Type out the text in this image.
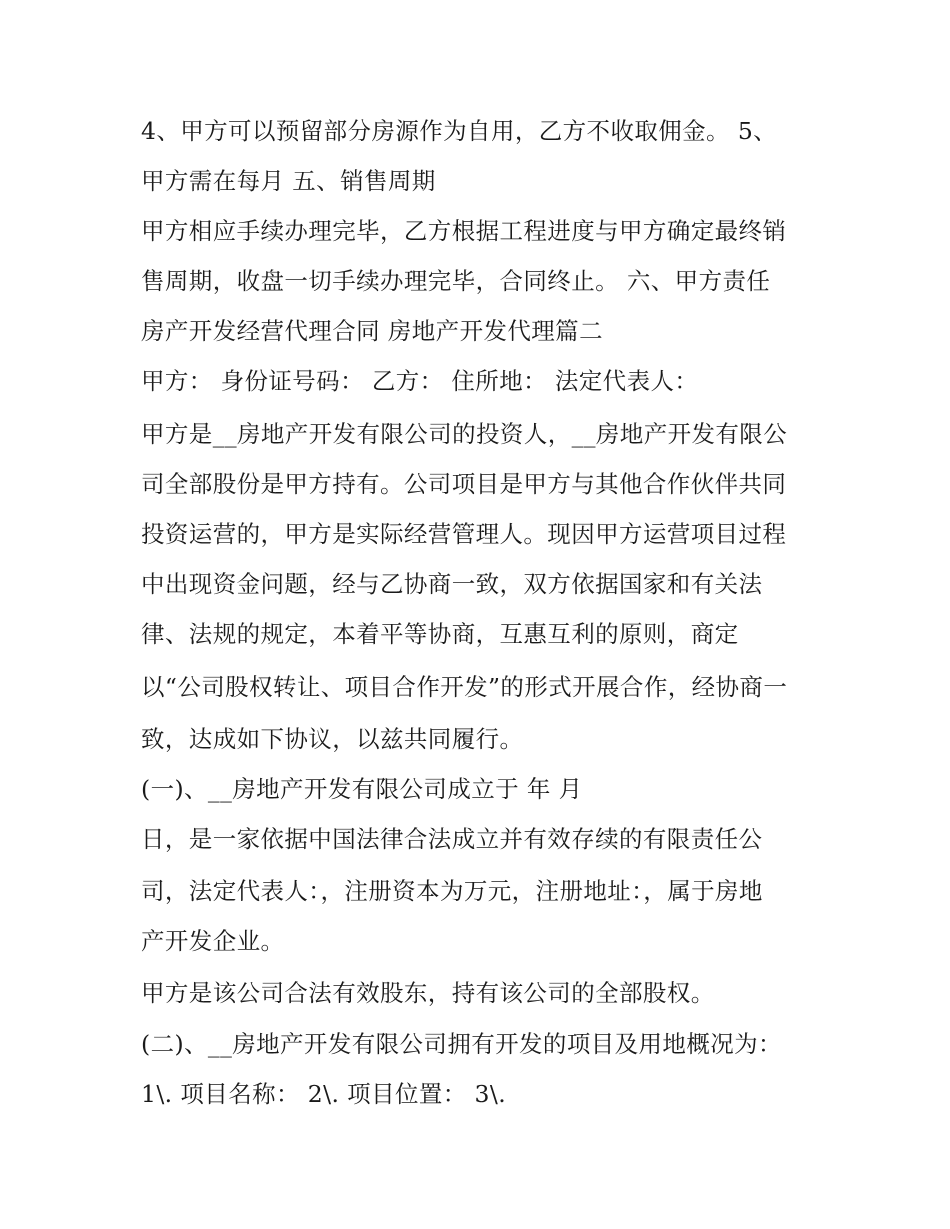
4、甲方可以预留部分房源作为自用，乙方不收取佣金。 5、

甲方需在每月 五、销售周期

甲方相应手续办理完毕，乙方根据工程进度与甲方确定最终销

售周期，收盘一切手续办理完毕，合同终止。 六、甲方责任

房产开发经营代理合同 房地产开发代理篇二

甲方： 身份证号码： 乙方： 住所地： 法定代表人：

甲方是__房地产开发有限公司的投资人，__房地产开发有限公

司全部股份是甲方持有。公司项目是甲方与其他合作伙伴共同

投资运营的，甲方是实际经营管理人。现因甲方运营项目过程

中出现资金问题，经与乙协商一致，双方依据国家和有关法

律、法规的规定，本着平等协商，互惠互利的原则，商定

以“公司股权转让、项目合作开发”的形式开展合作，经协商一

致，达成如下协议，以兹共同履行。

(一)、__房地产开发有限公司成立于 年 月

日，是一家依据中国法律合法成立并有效存续的有限责任公

司，法定代表人：，注册资本为万元，注册地址：，属于房地

产开发企业。

甲方是该公司合法有效股东，持有该公司的全部股权。

(二)、__房地产开发有限公司拥有开发的项目及用地概况为：

1\. 项目名称： 2\. 项目位置： 3\.
